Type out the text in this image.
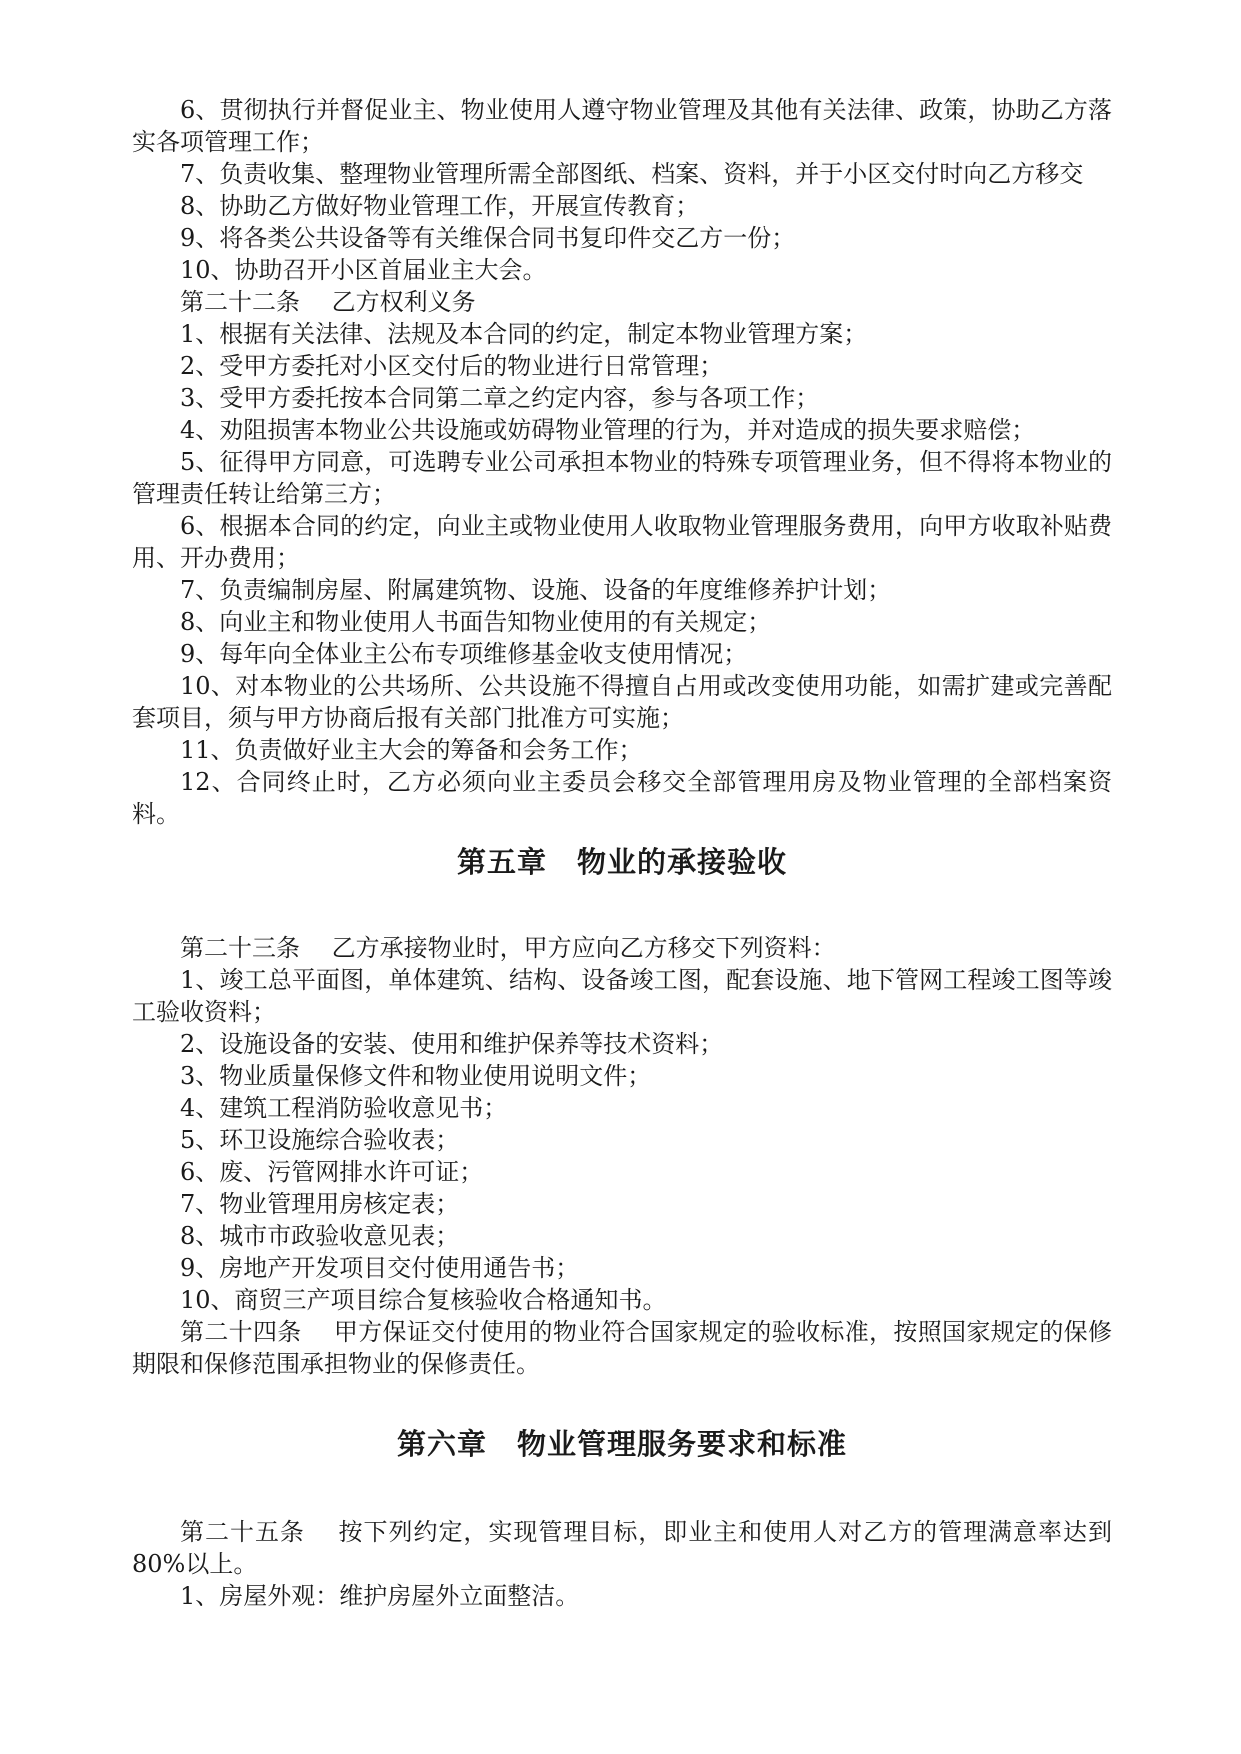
6、贯彻执行并督促业主、物业使用人遵守物业管理及其他有关法律、政策，协助乙方落实各项管理工作；

7、负责收集、整理物业管理所需全部图纸、档案、资料，并于小区交付时向乙方移交

8、协助乙方做好物业管理工作，开展宣传教育；

9、将各类公共设备等有关维保合同书复印件交乙方一份；

10、协助召开小区首届业主大会。

第二十二条　 乙方权利义务

1、根据有关法律、法规及本合同的约定，制定本物业管理方案；

2、受甲方委托对小区交付后的物业进行日常管理；

3、受甲方委托按本合同第二章之约定内容，参与各项工作；

4、劝阻损害本物业公共设施或妨碍物业管理的行为，并对造成的损失要求赔偿；

5、征得甲方同意，可选聘专业公司承担本物业的特殊专项管理业务，但不得将本物业的管理责任转让给第三方；

6、根据本合同的约定，向业主或物业使用人收取物业管理服务费用，向甲方收取补贴费用、开办费用；

7、负责编制房屋、附属建筑物、设施、设备的年度维修养护计划；

8、向业主和物业使用人书面告知物业使用的有关规定；

9、每年向全体业主公布专项维修基金收支使用情况；

10、对本物业的公共场所、公共设施不得擅自占用或改变使用功能，如需扩建或完善配套项目，须与甲方协商后报有关部门批准方可实施；

11、负责做好业主大会的筹备和会务工作；

12、合同终止时，乙方必须向业主委员会移交全部管理用房及物业管理的全部档案资料。

第五章　物业的承接验收

第二十三条　 乙方承接物业时，甲方应向乙方移交下列资料：

1、竣工总平面图，单体建筑、结构、设备竣工图，配套设施、地下管网工程竣工图等竣工验收资料；

2、设施设备的安装、使用和维护保养等技术资料；

3、物业质量保修文件和物业使用说明文件；

4、建筑工程消防验收意见书；

5、环卫设施综合验收表；

6、废、污管网排水许可证；

7、物业管理用房核定表；

8、城市市政验收意见表；

9、房地产开发项目交付使用通告书；

10、商贸三产项目综合复核验收合格通知书。

第二十四条　 甲方保证交付使用的物业符合国家规定的验收标准，按照国家规定的保修期限和保修范围承担物业的保修责任。

第六章　物业管理服务要求和标准

第二十五条　 按下列约定，实现管理目标，即业主和使用人对乙方的管理满意率达到80%以上。

1、房屋外观：维护房屋外立面整洁。
